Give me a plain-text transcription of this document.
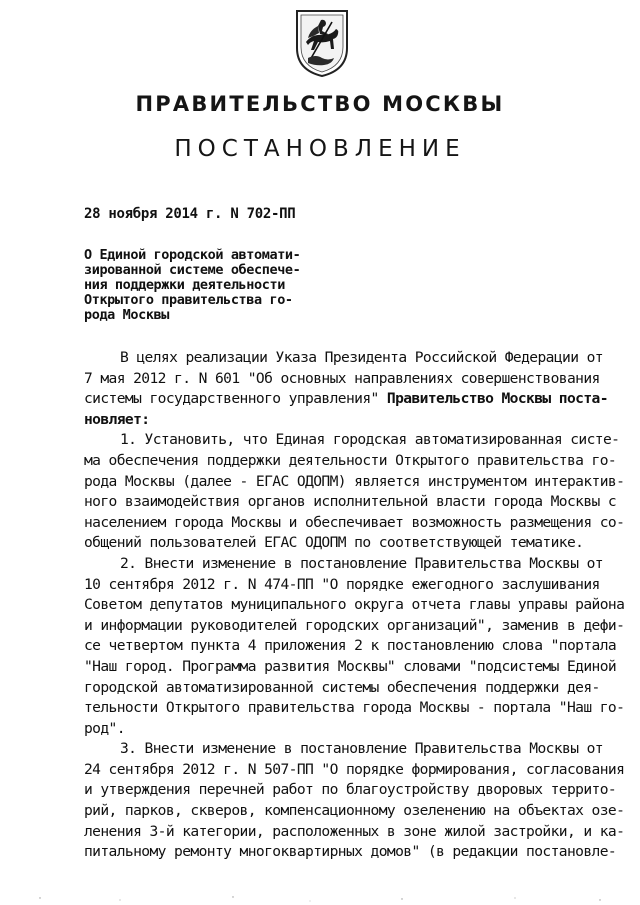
ПРАВИТЕЛЬСТВО МОСКВЫ
ПОСТАНОВЛЕНИЕ
28 ноября 2014 г. N 702-ПП
О Единой городской автомати-
зированной системе обеспече-
ния поддержки деятельности
Открытого правительства го-
рода Москвы
В целях реализации Указа Президента Российской Федерации от
7 мая 2012 г. N 601 "Об основных направлениях совершенствования
системы государственного управления" Правительство Москвы поста-
новляет:
1. Установить, что Единая городская автоматизированная систе-
ма обеспечения поддержки деятельности Открытого правительства го-
рода Москвы (далее - ЕГАС ОДОПМ) является инструментом интерактив-
ного взаимодействия органов исполнительной власти города Москвы с
населением города Москвы и обеспечивает возможность размещения со-
общений пользователей ЕГАС ОДОПМ по соответствующей тематике.
2. Внести изменение в постановление Правительства Москвы от
10 сентября 2012 г. N 474-ПП "О порядке ежегодного заслушивания
Советом депутатов муниципального округа отчета главы управы района
и информации руководителей городских организаций", заменив в дефи-
се четвертом пункта 4 приложения 2 к постановлению слова "портала
"Наш город. Программа развития Москвы" словами "подсистемы Единой
городской автоматизированной системы обеспечения поддержки дея-
тельности Открытого правительства города Москвы - портала "Наш го-
род".
3. Внести изменение в постановление Правительства Москвы от
24 сентября 2012 г. N 507-ПП "О порядке формирования, согласования
и утверждения перечней работ по благоустройству дворовых террито-
рий, парков, скверов, компенсационному озеленению на объектах озе-
ленения 3-й категории, расположенных в зоне жилой застройки, и ка-
питальному ремонту многоквартирных домов" (в редакции постановле-
